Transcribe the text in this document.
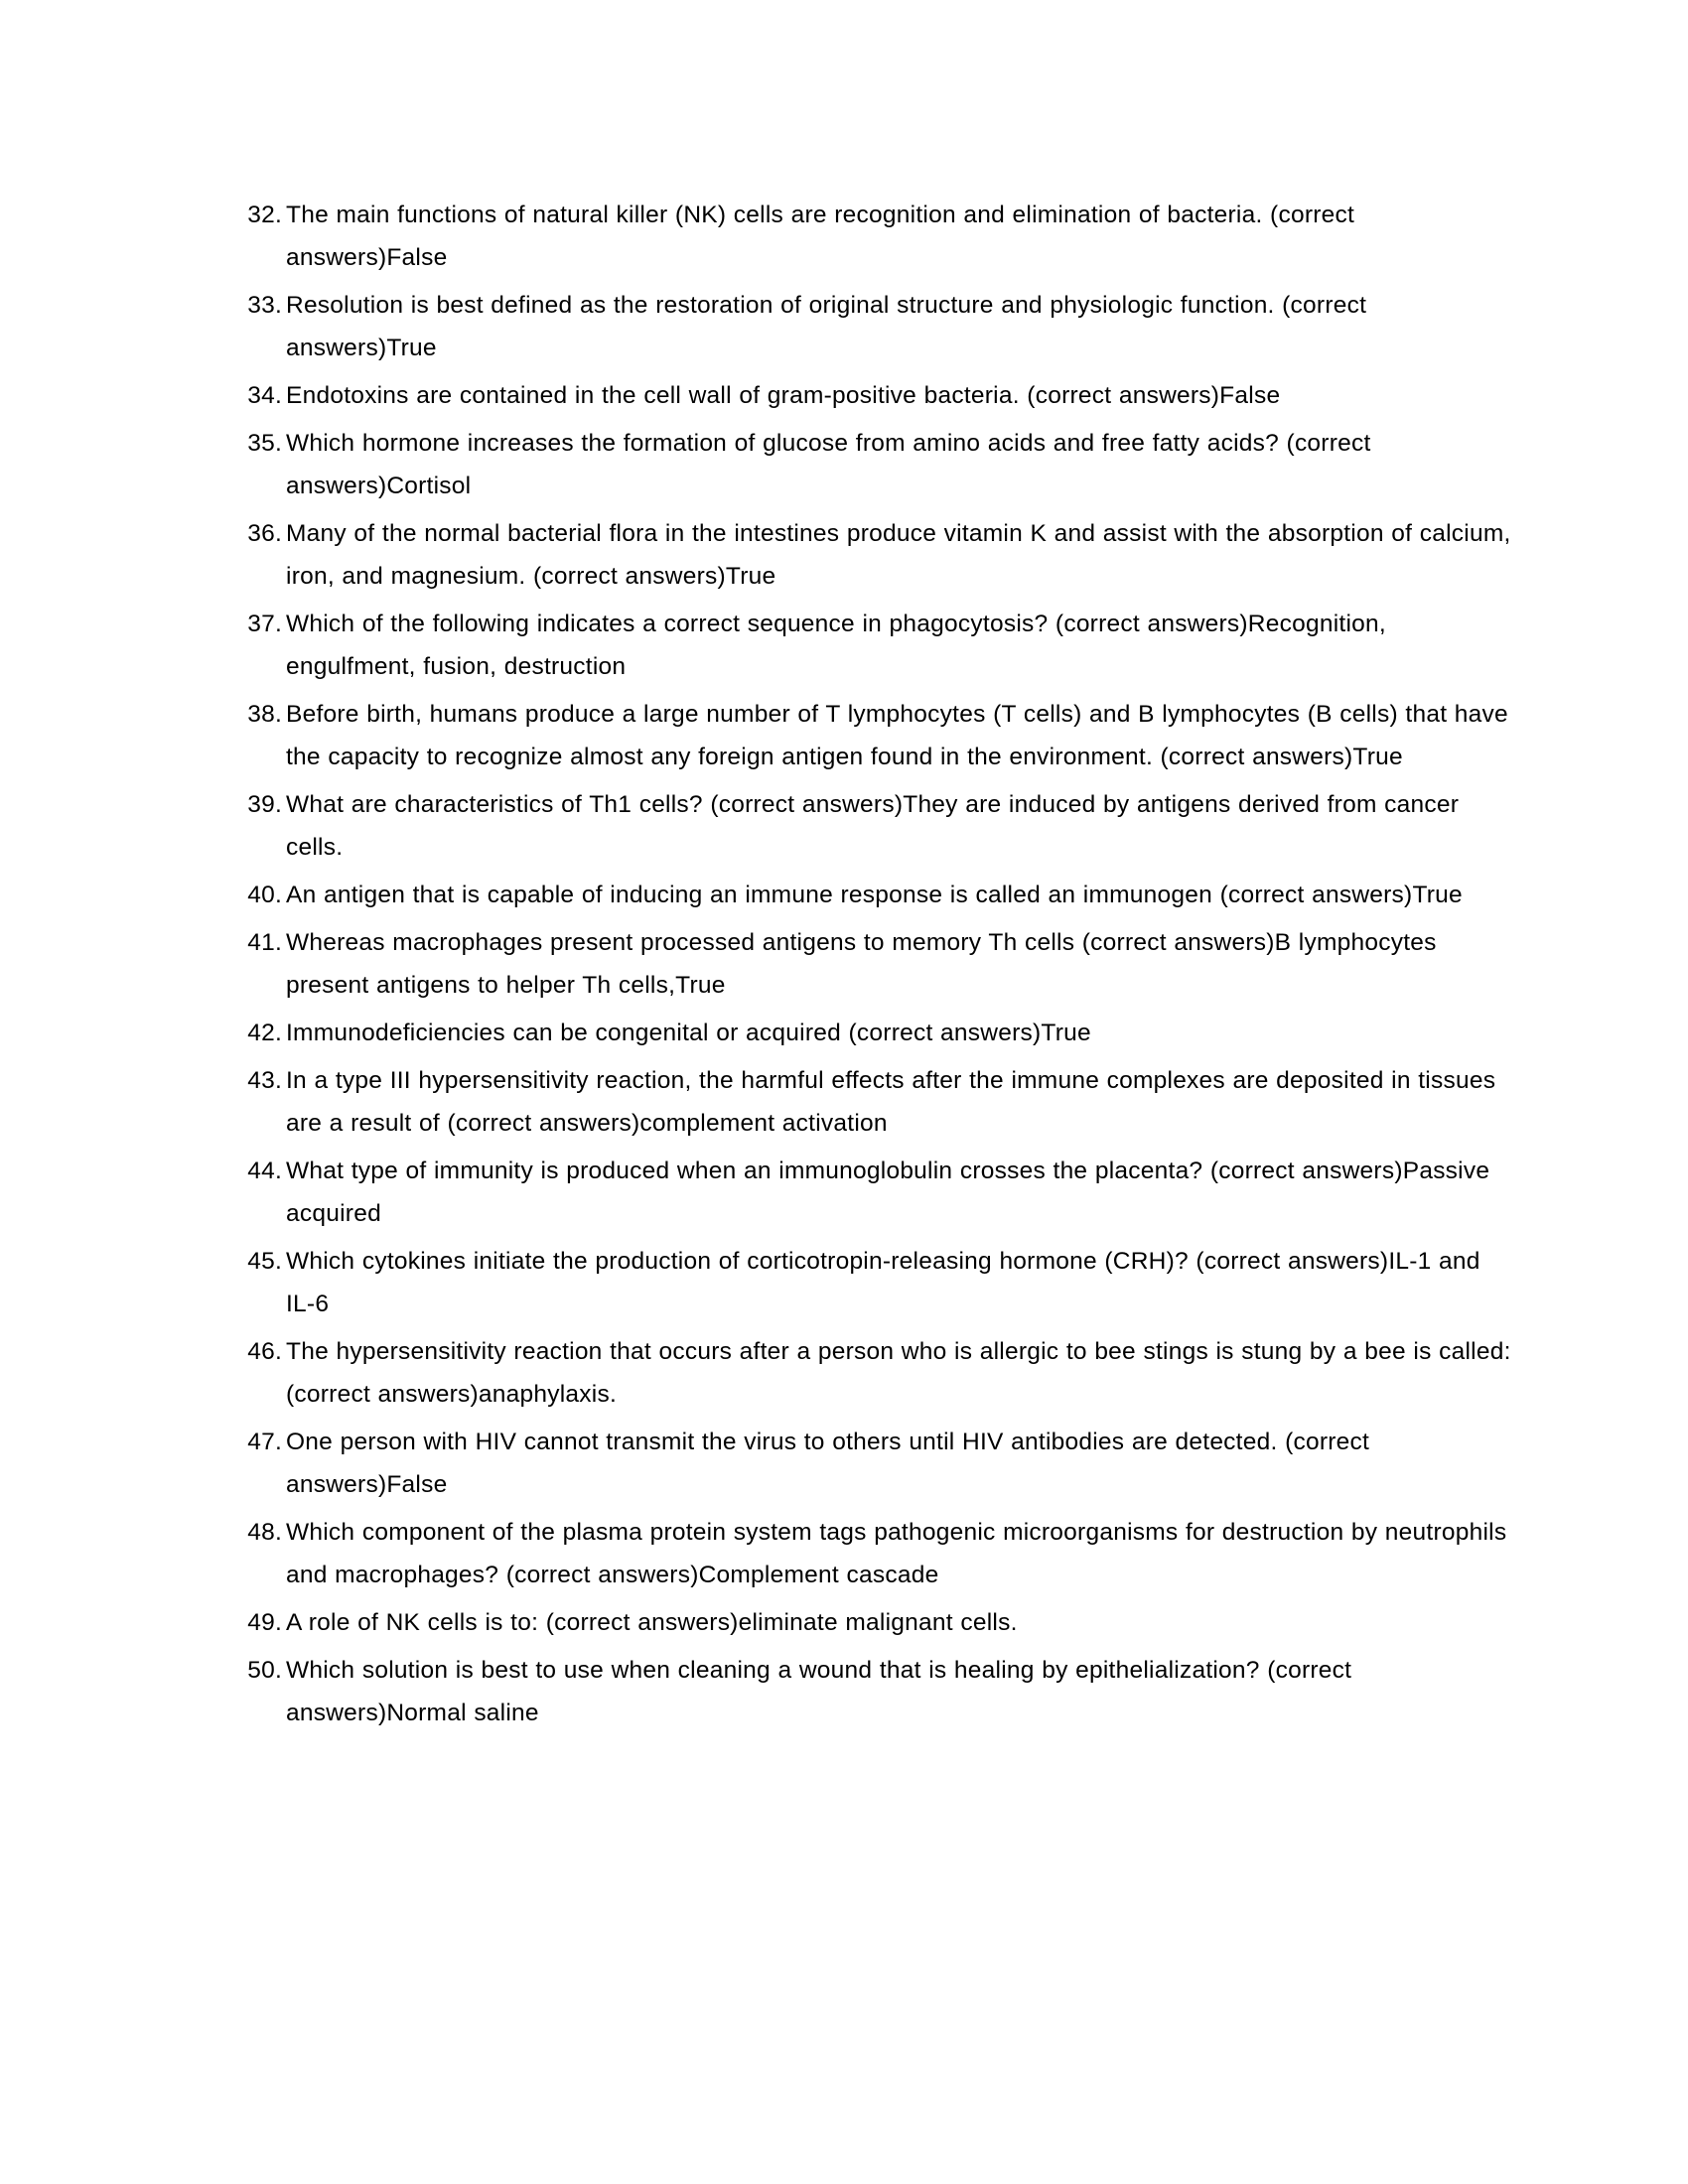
32. The main functions of natural killer (NK) cells are recognition and elimination of bacteria. (correct answers)False
33. Resolution is best defined as the restoration of original structure and physiologic function. (correct answers)True
34. Endotoxins are contained in the cell wall of gram-positive bacteria. (correct answers)False
35. Which hormone increases the formation of glucose from amino acids and free fatty acids? (correct answers)Cortisol
36. Many of the normal bacterial flora in the intestines produce vitamin K and assist with the absorption of calcium, iron, and magnesium. (correct answers)True
37. Which of the following indicates a correct sequence in phagocytosis? (correct answers)Recognition, engulfment, fusion, destruction
38. Before birth, humans produce a large number of T lymphocytes (T cells) and B lymphocytes (B cells) that have the capacity to recognize almost any foreign antigen found in the environment. (correct answers)True
39. What are characteristics of Th1 cells? (correct answers)They are induced by antigens derived from cancer cells.
40. An antigen that is capable of inducing an immune response is called an immunogen (correct answers)True
41. Whereas macrophages present processed antigens to memory Th cells (correct answers)B lymphocytes present antigens to helper Th cells,True
42. Immunodeficiencies can be congenital or acquired (correct answers)True
43. In a type III hypersensitivity reaction, the harmful effects after the immune complexes are deposited in tissues are a result of (correct answers)complement activation
44. What type of immunity is produced when an immunoglobulin crosses the placenta? (correct answers)Passive acquired
45. Which cytokines initiate the production of corticotropin-releasing hormone (CRH)? (correct answers)IL-1 and IL-6
46. The hypersensitivity reaction that occurs after a person who is allergic to bee stings is stung by a bee is called: (correct answers)anaphylaxis.
47. One person with HIV cannot transmit the virus to others until HIV antibodies are detected. (correct answers)False
48. Which component of the plasma protein system tags pathogenic microorganisms for destruction by neutrophils and macrophages? (correct answers)Complement cascade
49. A role of NK cells is to: (correct answers)eliminate malignant cells.
50. Which solution is best to use when cleaning a wound that is healing by epithelialization? (correct answers)Normal saline
